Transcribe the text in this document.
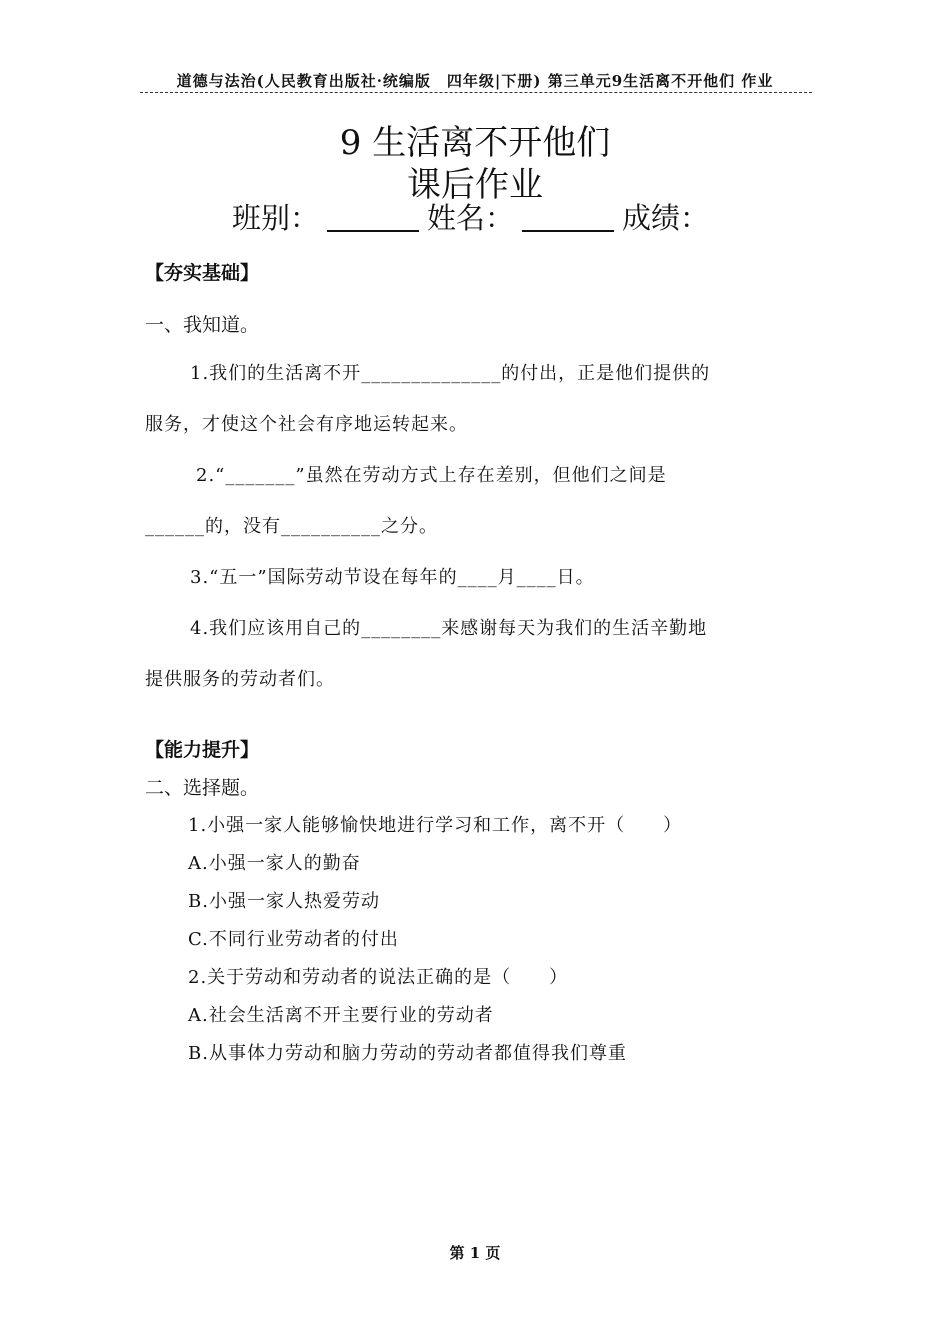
道德与法治(人民教育出版社·统编版　四年级|下册) 第三单元9生活离不开他们 作业
9 生活离不开他们
课后作业
班别：	姓名：	成绩：
【夯实基础】
一、我知道。
1.我们的生活离不开______________的付出，正是他们提供的
服务，才使这个社会有序地运转起来。
2.“_______”虽然在劳动方式上存在差别，但他们之间是
______的，没有__________之分。
3.“五一”国际劳动节设在每年的____月____日。
4.我们应该用自己的________来感谢每天为我们的生活辛勤地
提供服务的劳动者们。
【能力提升】
二、选择题。
1.小强一家人能够愉快地进行学习和工作，离不开（　　）
A.小强一家人的勤奋
B.小强一家人热爱劳动
C.不同行业劳动者的付出
2.关于劳动和劳动者的说法正确的是（　　）
A.社会生活离不开主要行业的劳动者
B.从事体力劳动和脑力劳动的劳动者都值得我们尊重
第 1 页
